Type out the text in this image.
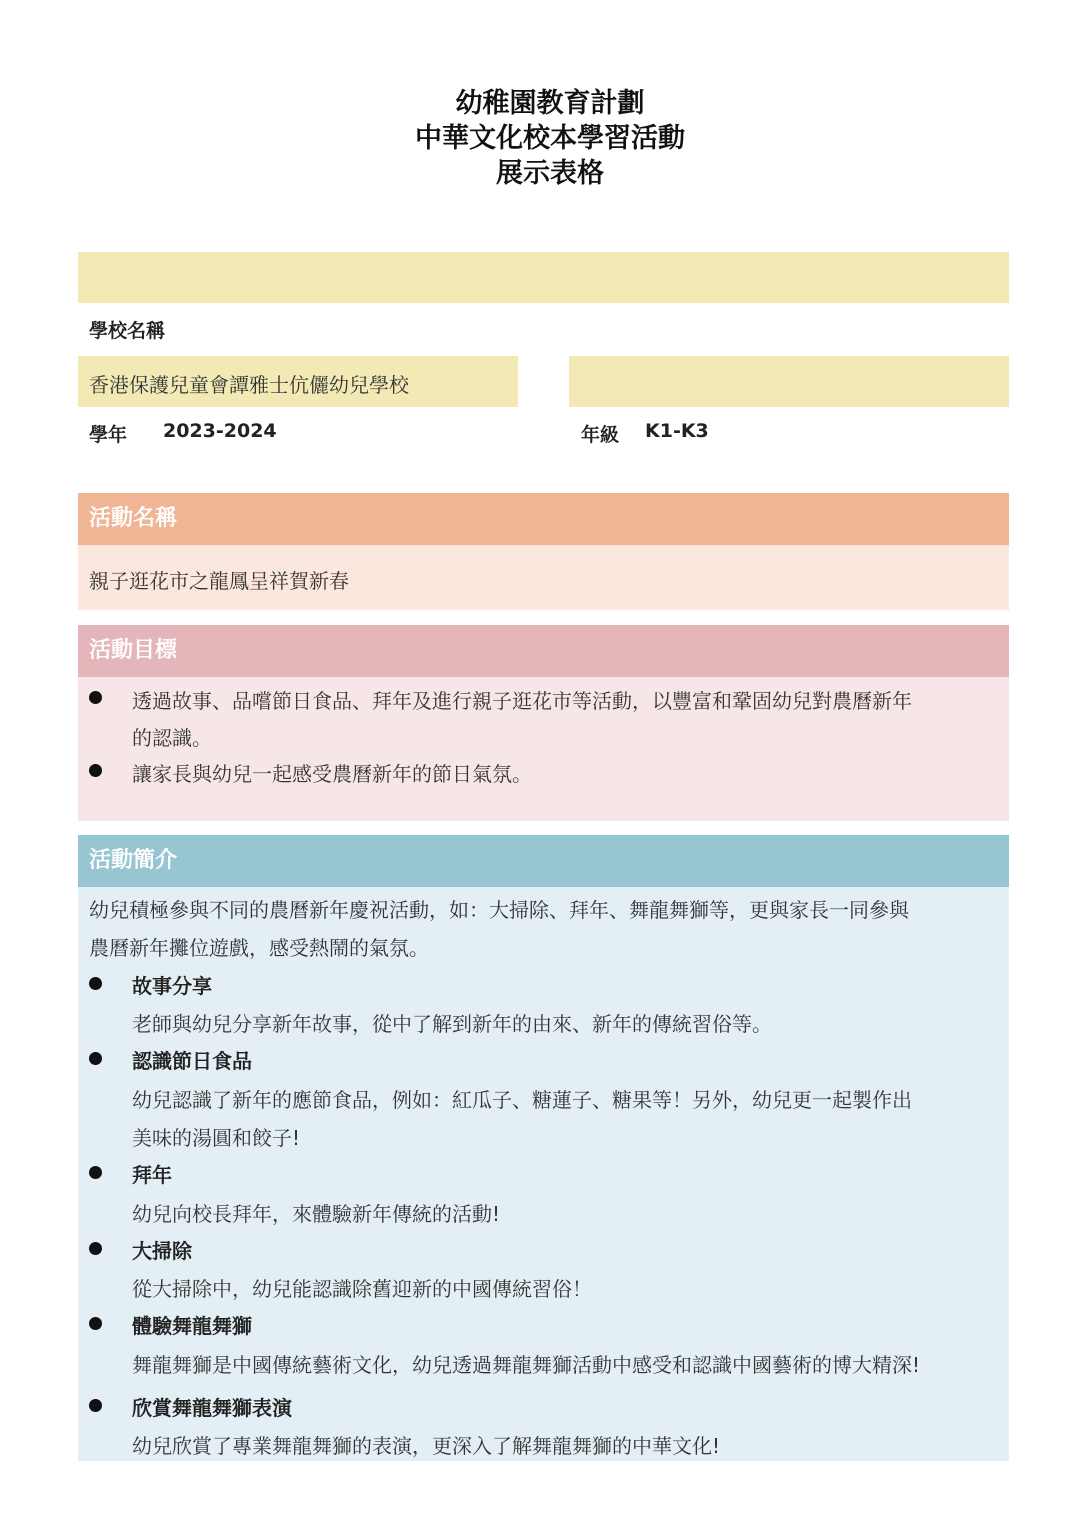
幼稚園教育計劃
中華文化校本學習活動
展示表格
學校名稱
香港保護兒童會譚雅士伉儷幼兒學校
學年 2023-2024	年級 K1-K3
活動名稱
親子逛花市之龍鳳呈祥賀新春
活動目標
透過故事、品嚐節日食品、拜年及進行親子逛花市等活動，以豐富和鞏固幼兒對農曆新年
的認識。
讓家長與幼兒一起感受農曆新年的節日氣氛。
活動簡介
幼兒積極參與不同的農曆新年慶祝活動，如：大掃除、拜年、舞龍舞獅等，更與家長一同參與
農曆新年攤位遊戲，感受熱鬧的氣氛。
故事分享
老師與幼兒分享新年故事，從中了解到新年的由來、新年的傳統習俗等。
認識節日食品
幼兒認識了新年的應節食品，例如：紅瓜子、糖蓮子、糖果等！另外，幼兒更一起製作出
美味的湯圓和餃子!
拜年
幼兒向校長拜年，來體驗新年傳統的活動!
大掃除
從大掃除中，幼兒能認識除舊迎新的中國傳統習俗！
體驗舞龍舞獅
舞龍舞獅是中國傳統藝術文化，幼兒透過舞龍舞獅活動中感受和認識中國藝術的博大精深!
欣賞舞龍舞獅表演
幼兒欣賞了專業舞龍舞獅的表演，更深入了解舞龍舞獅的中華文化!
